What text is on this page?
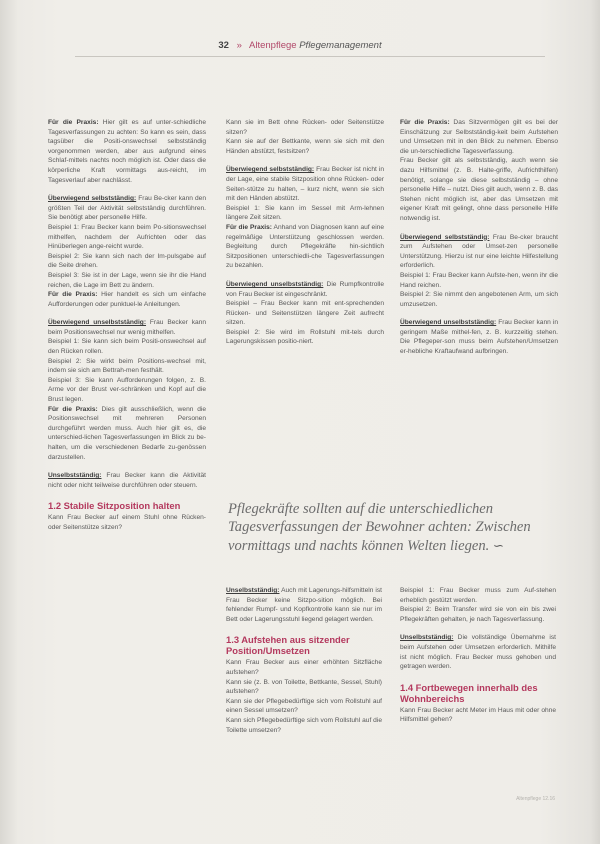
32 » Altenpflege Pflegemanagement

Für die Praxis: Hier gilt es auf unter-schiedliche Tagesverfassungen zu achten: So kann es sein, dass tagsüber die Positi-onswechsel selbstständig vorgenommen werden, aber aus aufgrund eines Schlaf-mittels nachts noch möglich ist. Oder dass die körperliche Kraft vormittags aus-reicht, im Tagesverlauf aber nachlässt.

Überwiegend selbstständig: Frau Be-cker kann den größten Teil der Aktivität selbstständig durchführen. Sie benötigt aber personelle Hilfe.

Beispiel 1: Frau Becker kann beim Po-sitionswechsel mithelfen, nachdem der Aufrichten oder das Hinüberlegen ange-reicht wurde.

Beispiel 2: Sie kann sich nach der Im-pulsgabe auf die Seite drehen.

Beispiel 3: Sie ist in der Lage, wenn sie ihr die Hand reichen, die Lage im Bett zu ändern.

Für die Praxis: Hier handelt es sich um einfache Aufforderungen oder punktuel-le Anleitungen.

Überwiegend unselbstständig: Frau Becker kann beim Positionswechsel nur wenig mithelfen.

Beispiel 1: Sie kann sich beim Positi-onswechsel auf den Rücken rollen.

Beispiel 2: Sie wirkt beim Positions-wechsel mit, indem sie sich am Bettrah-men festhält.

Beispiel 3: Sie kann Aufforderungen folgen, z. B. Arme vor der Brust ver-schränken und Kopf auf die Brust legen.

Für die Praxis: Dies gilt ausschließlich, wenn die Positionswechsel mit mehreren Personen durchgeführt werden muss. Auch hier gilt es, die unterschied-lichen Tagesverfassungen im Blick zu be-halten, um die verschiedenen Bedarfe zu-genössen darzustellen.

Unselbstständig: Frau Becker kann die Aktivität nicht oder nicht teilweise durchführen oder steuern.

1.2 Stabile Sitzposition halten

Kann Frau Becker auf einem Stuhl ohne Rücken- oder Seitenstütze sitzen?

Kann sie im Bett ohne Rücken- oder Seitenstütze sitzen?

Kann sie auf der Bettkante, wenn sie sich mit den Händen abstützt, festsitzen?

Überwiegend selbstständig: Frau Becker ist nicht in der Lage, eine stabile Sitzposition ohne Rücken- oder Seiten-stütze zu halten, – kurz nicht, wenn sie sich mit den Händen abstützt.

Beispiel 1: Sie kann im Sessel mit Arm-lehnen längere Zeit sitzen.

Für die Praxis: Anhand von Diagnosen kann auf eine regelmäßige Unterstützung geschlossen werden. Begleitung durch Pflegekräfte hin-sichtlich Sitzpositionen unterschiedli-che Tagesverfassungen zu bezahlen.

Überwiegend unselbstständig: Die Rumpfkontrolle von Frau Becker ist eingeschränkt.

Beispiel – Frau Becker kann mit ent-sprechenden Rücken- und Seitenstützen längere Zeit aufrecht sitzen.

Beispiel 2: Sie wird im Rollstuhl mit-tels durch Lagerungskissen positio-niert.

Für die Praxis: Das Sitzvermögen gilt es bei der Einschätzung zur Selbstständig-keit beim Aufstehen und Umsetzen mit in den Blick zu nehmen. Ebenso die un-terschiedliche Tagesverfassung.

Frau Becker gilt als selbstständig, auch wenn sie dazu Hilfsmittel (z. B. Halte-griffe, Aufrichthilfen) benötigt, solange sie diese selbstständig – ohne personelle Hilfe – nutzt. Dies gilt auch, wenn z. B. das Stehen nicht möglich ist, aber das Umsetzen mit eigener Kraft mit gelingt, ohne dass personelle Hilfe notwendig ist.

Überwiegend selbstständig: Frau Be-cker braucht zum Aufstehen oder Umset-zen personelle Unterstützung. Hierzu ist nur eine leichte Hilfestellung erforderlich.

Beispiel 1: Frau Becker kann Aufste-hen, wenn ihr die Hand reichen.

Beispiel 2: Sie nimmt den angebotenen Arm, um sich umzusetzen.

Überwiegend unselbstständig: Frau Becker kann in geringem Maße mithel-fen, z. B. kurzzeitig stehen. Die Pflegeper-son muss beim Aufstehen/Umsetzen er-hebliche Kraftaufwand aufbringen.

Pflegekräfte sollten auf die unterschiedlichen Tagesverfassungen der Bewohner achten: Zwischen vormittags und nachts können Welten liegen. ∽

Unselbstständig: Auch mit Lagerungs-hilfsmitteln ist Frau Becker keine Sitzpo-sition möglich. Bei fehlender Rumpf- und Kopfkontrolle kann sie nur im Bett oder Lagerungsstuhl liegend gelagert werden.

1.3 Aufstehen aus sitzender Position/Umsetzen

Kann Frau Becker aus einer erhöhten Sitzfläche aufstehen?

Kann sie (z. B. von Toilette, Bettkante, Sessel, Stuhl) aufstehen?

Kann sie der Pflegebedürftige sich vom Rollstuhl auf einen Sessel umsetzen?

Kann sich Pflegebedürftige sich vom Rollstuhl auf die Toilette umsetzen?

Beispiel 1: Frau Becker muss zum Auf-stehen erheblich gestützt werden.

Beispiel 2: Beim Transfer wird sie von ein bis zwei Pflegekräften gehalten, je nach Tagesverfassung.

Unselbstständig: Die vollständige Übernahme ist beim Aufstehen oder Umsetzen erforderlich. Mithilfe ist nicht möglich. Frau Becker muss gehoben und getragen werden.

1.4 Fortbewegen innerhalb des Wohnbereichs

Kann Frau Becker acht Meter im Haus mit oder ohne Hilfsmittel gehen?

Altenpflege 12.16
